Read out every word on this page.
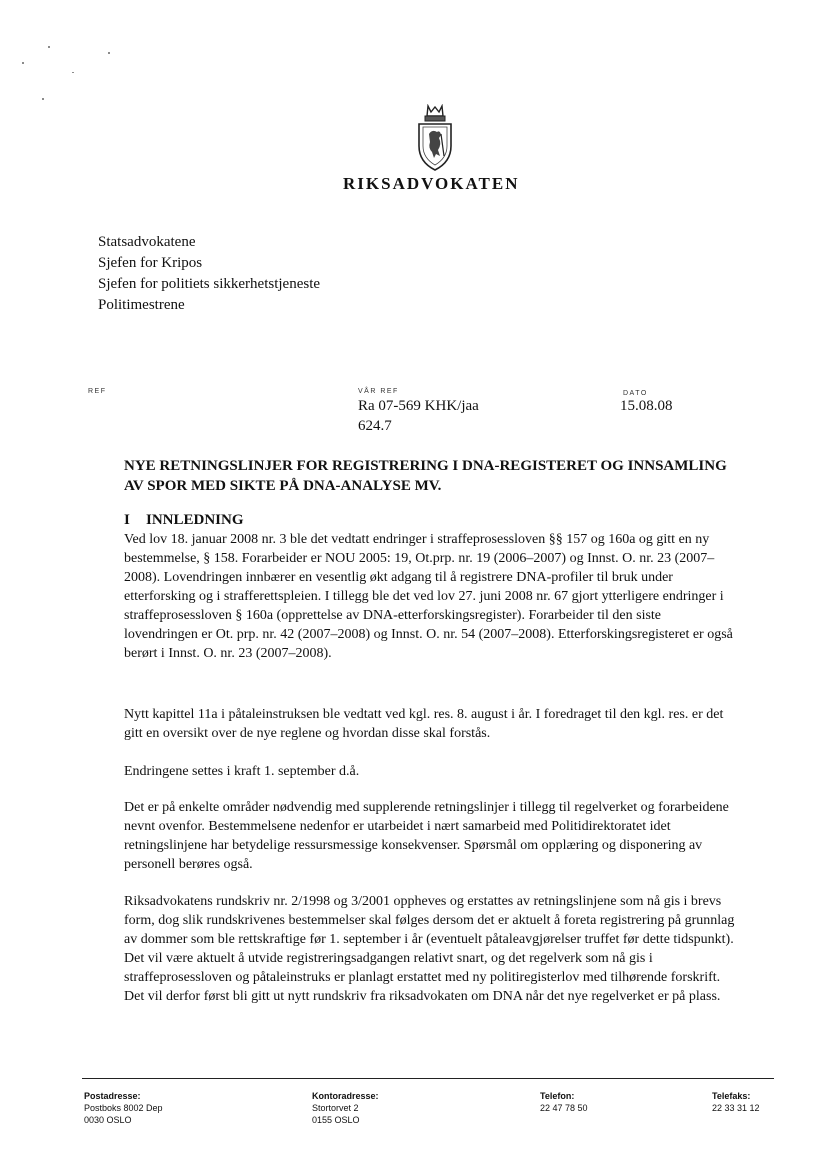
RIKSADVOKATEN
Statsadvokatene
Sjefen for Kripos
Sjefen for politiets sikkerhetstjeneste
Politimestrene
REF	VÅR REF
Ra 07-569 KHK/jaa
624.7
DATO
15.08.08
NYE RETNINGSLINJER FOR REGISTRERING I DNA-REGISTERET OG INNSAMLING AV SPOR MED SIKTE PÅ DNA-ANALYSE MV.
I INNLEDNING

Ved lov 18. januar 2008 nr. 3 ble det vedtatt endringer i straffeprosessloven §§ 157 og 160a og gitt en ny bestemmelse, § 158. Forarbeider er NOU 2005: 19, Ot.prp. nr. 19 (2006–2007) og Innst. O. nr. 23 (2007–2008). Lovendringen innbærer en vesentlig økt adgang til å registrere DNA-profiler til bruk under etterforsking og i strafferettspleien. I tillegg ble det ved lov 27. juni 2008 nr. 67 gjort ytterligere endringer i straffeprosessloven § 160a (opprettelse av DNA-etterforskingsregister). Forarbeider til den siste lovendringen er Ot. prp. nr. 42 (2007–2008) og Innst. O. nr. 54 (2007–2008). Etterforskingsregisteret er også berørt i Innst. O. nr. 23 (2007–2008).

Nytt kapittel 11a i påtaleinstruksen ble vedtatt ved kgl. res. 8. august i år. I foredraget til den kgl. res. er det gitt en oversikt over de nye reglene og hvordan disse skal forstås.

Endringene settes i kraft 1. september d.å.

Det er på enkelte områder nødvendig med supplerende retningslinjer i tillegg til regelverket og forarbeidene nevnt ovenfor. Bestemmelsene nedenfor er utarbeidet i nært samarbeid med Politidirektoratet idet retningslinjene har betydelige ressursmessige konsekvenser. Spørsmål om opplæring og disponering av personell berøres også.

Riksadvokatens rundskriv nr. 2/1998 og 3/2001 oppheves og erstattes av retningslinjene som nå gis i brevs form, dog slik rundskrivenes bestemmelser skal følges dersom det er aktuelt å foreta registrering på grunnlag av dommer som ble rettskraftige før 1. september i år (eventuelt påtaleavgjørelser truffet før dette tidspunkt). Det vil være aktuelt å utvide registreringsadgangen relativt snart, og det regelverk som nå gis i straffeprosessloven og påtaleinstruks er planlagt erstattet med ny politiregisterlov med tilhørende forskrift. Det vil derfor først bli gitt ut nytt rundskriv fra riksadvokaten om DNA når det nye regelverket er på plass.

Postadresse:
Postboks 8002 Dep
0030 OSLO
Kontoradresse:
Stortorvet 2
0155 OSLO
Telefon:
22 47 78 50
Telefaks:
22 33 31 12
